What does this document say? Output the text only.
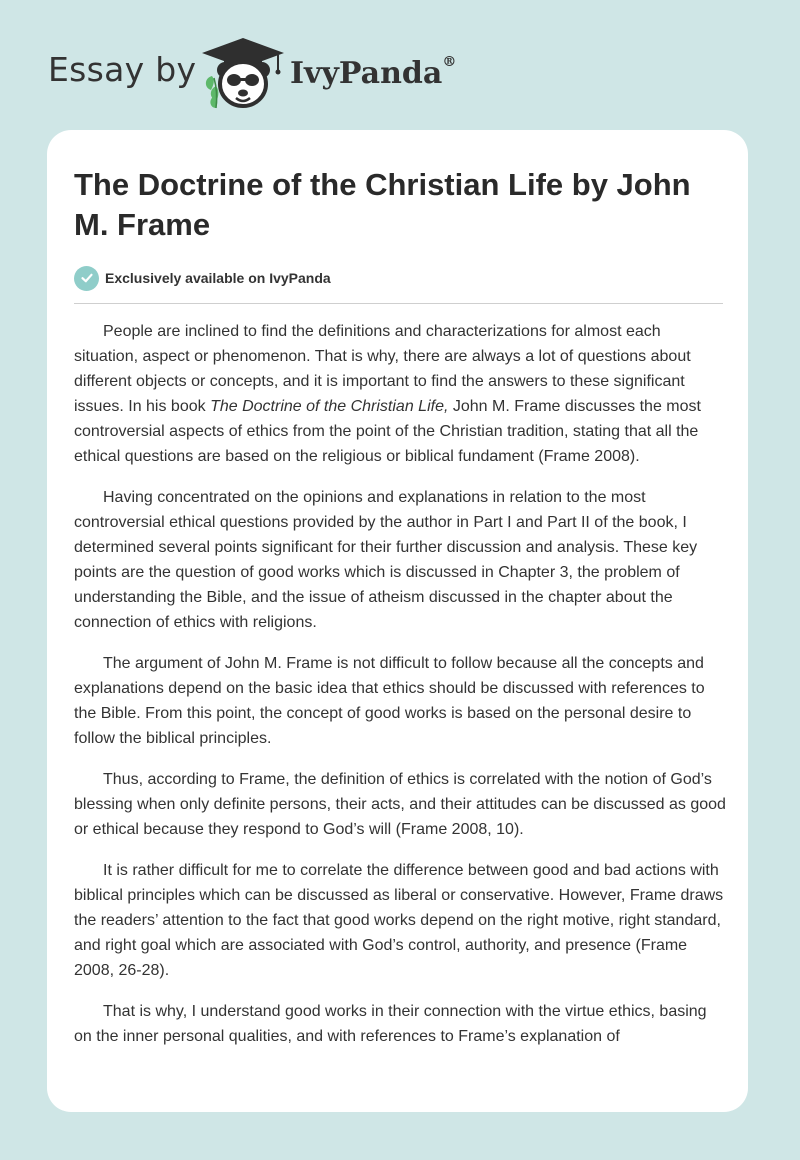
Essay by	IvyPanda®
The Doctrine of the Christian Life by John M. Frame
Exclusively available on IvyPanda

People are inclined to find the definitions and characterizations for almost each situation, aspect or phenomenon. That is why, there are always a lot of questions about different objects or concepts, and it is important to find the answers to these significant issues. In his book The Doctrine of the Christian Life, John M. Frame discusses the most controversial aspects of ethics from the point of the Christian tradition, stating that all the ethical questions are based on the religious or biblical fundament (Frame 2008).

Having concentrated on the opinions and explanations in relation to the most controversial ethical questions provided by the author in Part I and Part II of the book, I determined several points significant for their further discussion and analysis. These key points are the question of good works which is discussed in Chapter 3, the problem of understanding the Bible, and the issue of atheism discussed in the chapter about the connection of ethics with religions.

The argument of John M. Frame is not difficult to follow because all the concepts and explanations depend on the basic idea that ethics should be discussed with references to the Bible. From this point, the concept of good works is based on the personal desire to follow the biblical principles.

Thus, according to Frame, the definition of ethics is correlated with the notion of God’s blessing when only definite persons, their acts, and their attitudes can be discussed as good or ethical because they respond to God’s will (Frame 2008, 10).

It is rather difficult for me to correlate the difference between good and bad actions with biblical principles which can be discussed as liberal or conservative. However, Frame draws the readers’ attention to the fact that good works depend on the right motive, right standard, and right goal which are associated with God’s control, authority, and presence (Frame 2008, 26-28).

That is why, I understand good works in their connection with the virtue ethics, basing on the inner personal qualities, and with references to Frame’s explanation of
